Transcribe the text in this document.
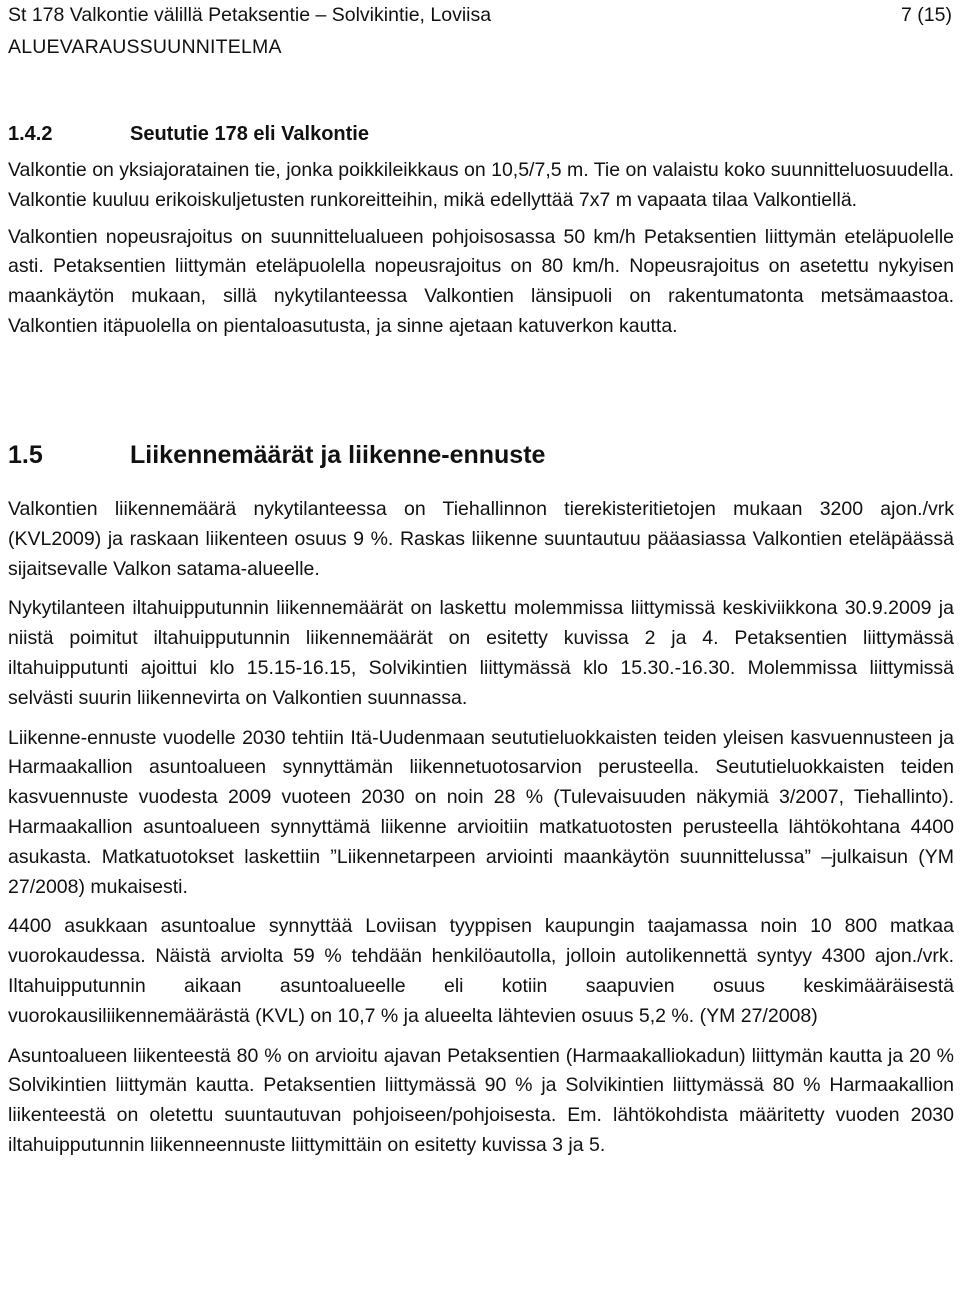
St 178 Valkontie välillä Petaksentie – Solvikintie, Loviisa	7 (15)
ALUEVARAUSSUUNNITELMA
1.4.2	Seututie 178 eli Valkontie

Valkontie on yksiajoratainen tie, jonka poikkileikkaus on 10,5/7,5 m. Tie on valaistu koko suunnitteluosuudella. Valkontie kuuluu erikoiskuljetusten runkoreitteihin, mikä edellyttää 7x7 m vapaata tilaa Valkontiellä.

Valkontien nopeusrajoitus on suunnittelualueen pohjoisosassa 50 km/h Petaksentien liittymän eteläpuolelle asti. Petaksentien liittymän eteläpuolella nopeusrajoitus on 80 km/h. Nopeusrajoitus on asetettu nykyisen maankäytön mukaan, sillä nykytilanteessa Valkontien länsipuoli on rakentumatonta metsämaastoa. Valkontien itäpuolella on pientaloasutusta, ja sinne ajetaan katuverkon kautta.

1.5	Liikennemäärät ja liikenne-ennuste

Valkontien liikennemäärä nykytilanteessa on Tiehallinnon tierekisteritietojen mukaan 3200 ajon./vrk (KVL2009) ja raskaan liikenteen osuus 9 %. Raskas liikenne suuntautuu pääasiassa Valkontien eteläpäässä sijaitsevalle Valkon satama-alueelle.

Nykytilanteen iltahuipputunnin liikennemäärät on laskettu molemmissa liittymissä keskiviikkona 30.9.2009 ja niistä poimitut iltahuipputunnin liikennemäärät on esitetty kuvissa 2 ja 4. Petaksentien liittymässä iltahuipputunti ajoittui klo 15.15-16.15, Solvikintien liittymässä klo 15.30.-16.30. Molemmissa liittymissä selvästi suurin liikennevirta on Valkontien suunnassa.

Liikenne-ennuste vuodelle 2030 tehtiin Itä-Uudenmaan seututieluokkaisten teiden yleisen kasvuennusteen ja Harmaakallion asuntoalueen synnyttämän liikennetuotosarvion perusteella. Seututieluokkaisten teiden kasvuennuste vuodesta 2009 vuoteen 2030 on noin 28 % (Tulevaisuuden näkymiä 3/2007, Tiehallinto). Harmaakallion asuntoalueen synnyttämä liikenne arvioitiin matkatuotosten perusteella lähtökohtana 4400 asukasta. Matkatuotokset laskettiin ”Liikennetarpeen arviointi maankäytön suunnittelussa” –julkaisun (YM 27/2008) mukaisesti.

4400 asukkaan asuntoalue synnyttää Loviisan tyyppisen kaupungin taajamassa noin 10 800 matkaa vuorokaudessa. Näistä arviolta 59 % tehdään henkilöautolla, jolloin autolikennettä syntyy 4300 ajon./vrk. Iltahuipputunnin aikaan asuntoalueelle eli kotiin saapuvien osuus keskimääräisestä vuorokausiliikennemäärästä (KVL) on 10,7 % ja alueelta lähtevien osuus 5,2 %. (YM 27/2008)

Asuntoalueen liikenteestä 80 % on arvioitu ajavan Petaksentien (Harmaakalliokadun) liittymän kautta ja 20 % Solvikintien liittymän kautta. Petaksentien liittymässä 90 % ja Solvikintien liittymässä 80 % Harmaakallion liikenteestä on oletettu suuntautuvan pohjoiseen/pohjoisesta. Em. lähtökohdista määritetty vuoden 2030 iltahuipputunnin liikenneennuste liittymittäin on esitetty kuvissa 3 ja 5.
